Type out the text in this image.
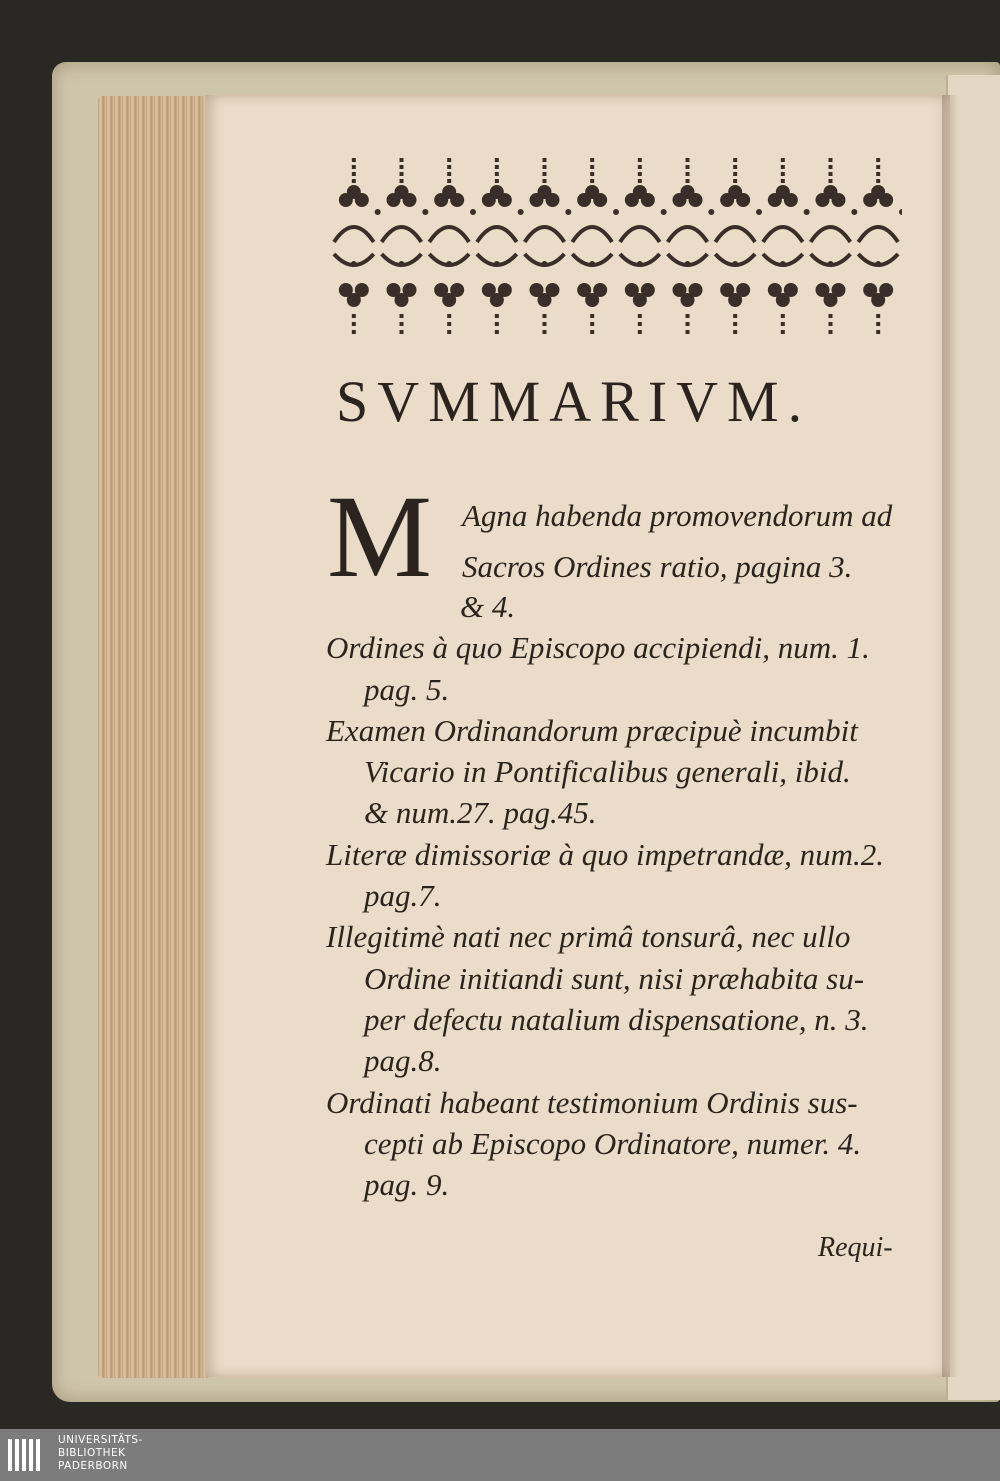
SVMMARIVM.
M Agna habenda promovendorum ad
Sacros Ordines ratio, pagina 3.
& 4.
Ordines à quo Episcopo accipiendi, num. 1.
pag. 5.
Examen Ordinandorum præcipuè incumbit
Vicario in Pontificalibus generali, ibid.
& num.27. pag.45.
Literæ dimissoriæ à quo impetrandæ, num.2.
pag.7.
Illegitimè nati nec primâ tonsurâ, nec ullo
Ordine initiandi sunt, nisi præhabita su-
per defectu natalium dispensatione, n. 3.
pag.8.
Ordinati habeant testimonium Ordinis sus-
cepti ab Episcopo Ordinatore, numer. 4.
pag. 9.
Requi-
UNIVERSITÄTS-
BIBLIOTHEK
PADERBORN
